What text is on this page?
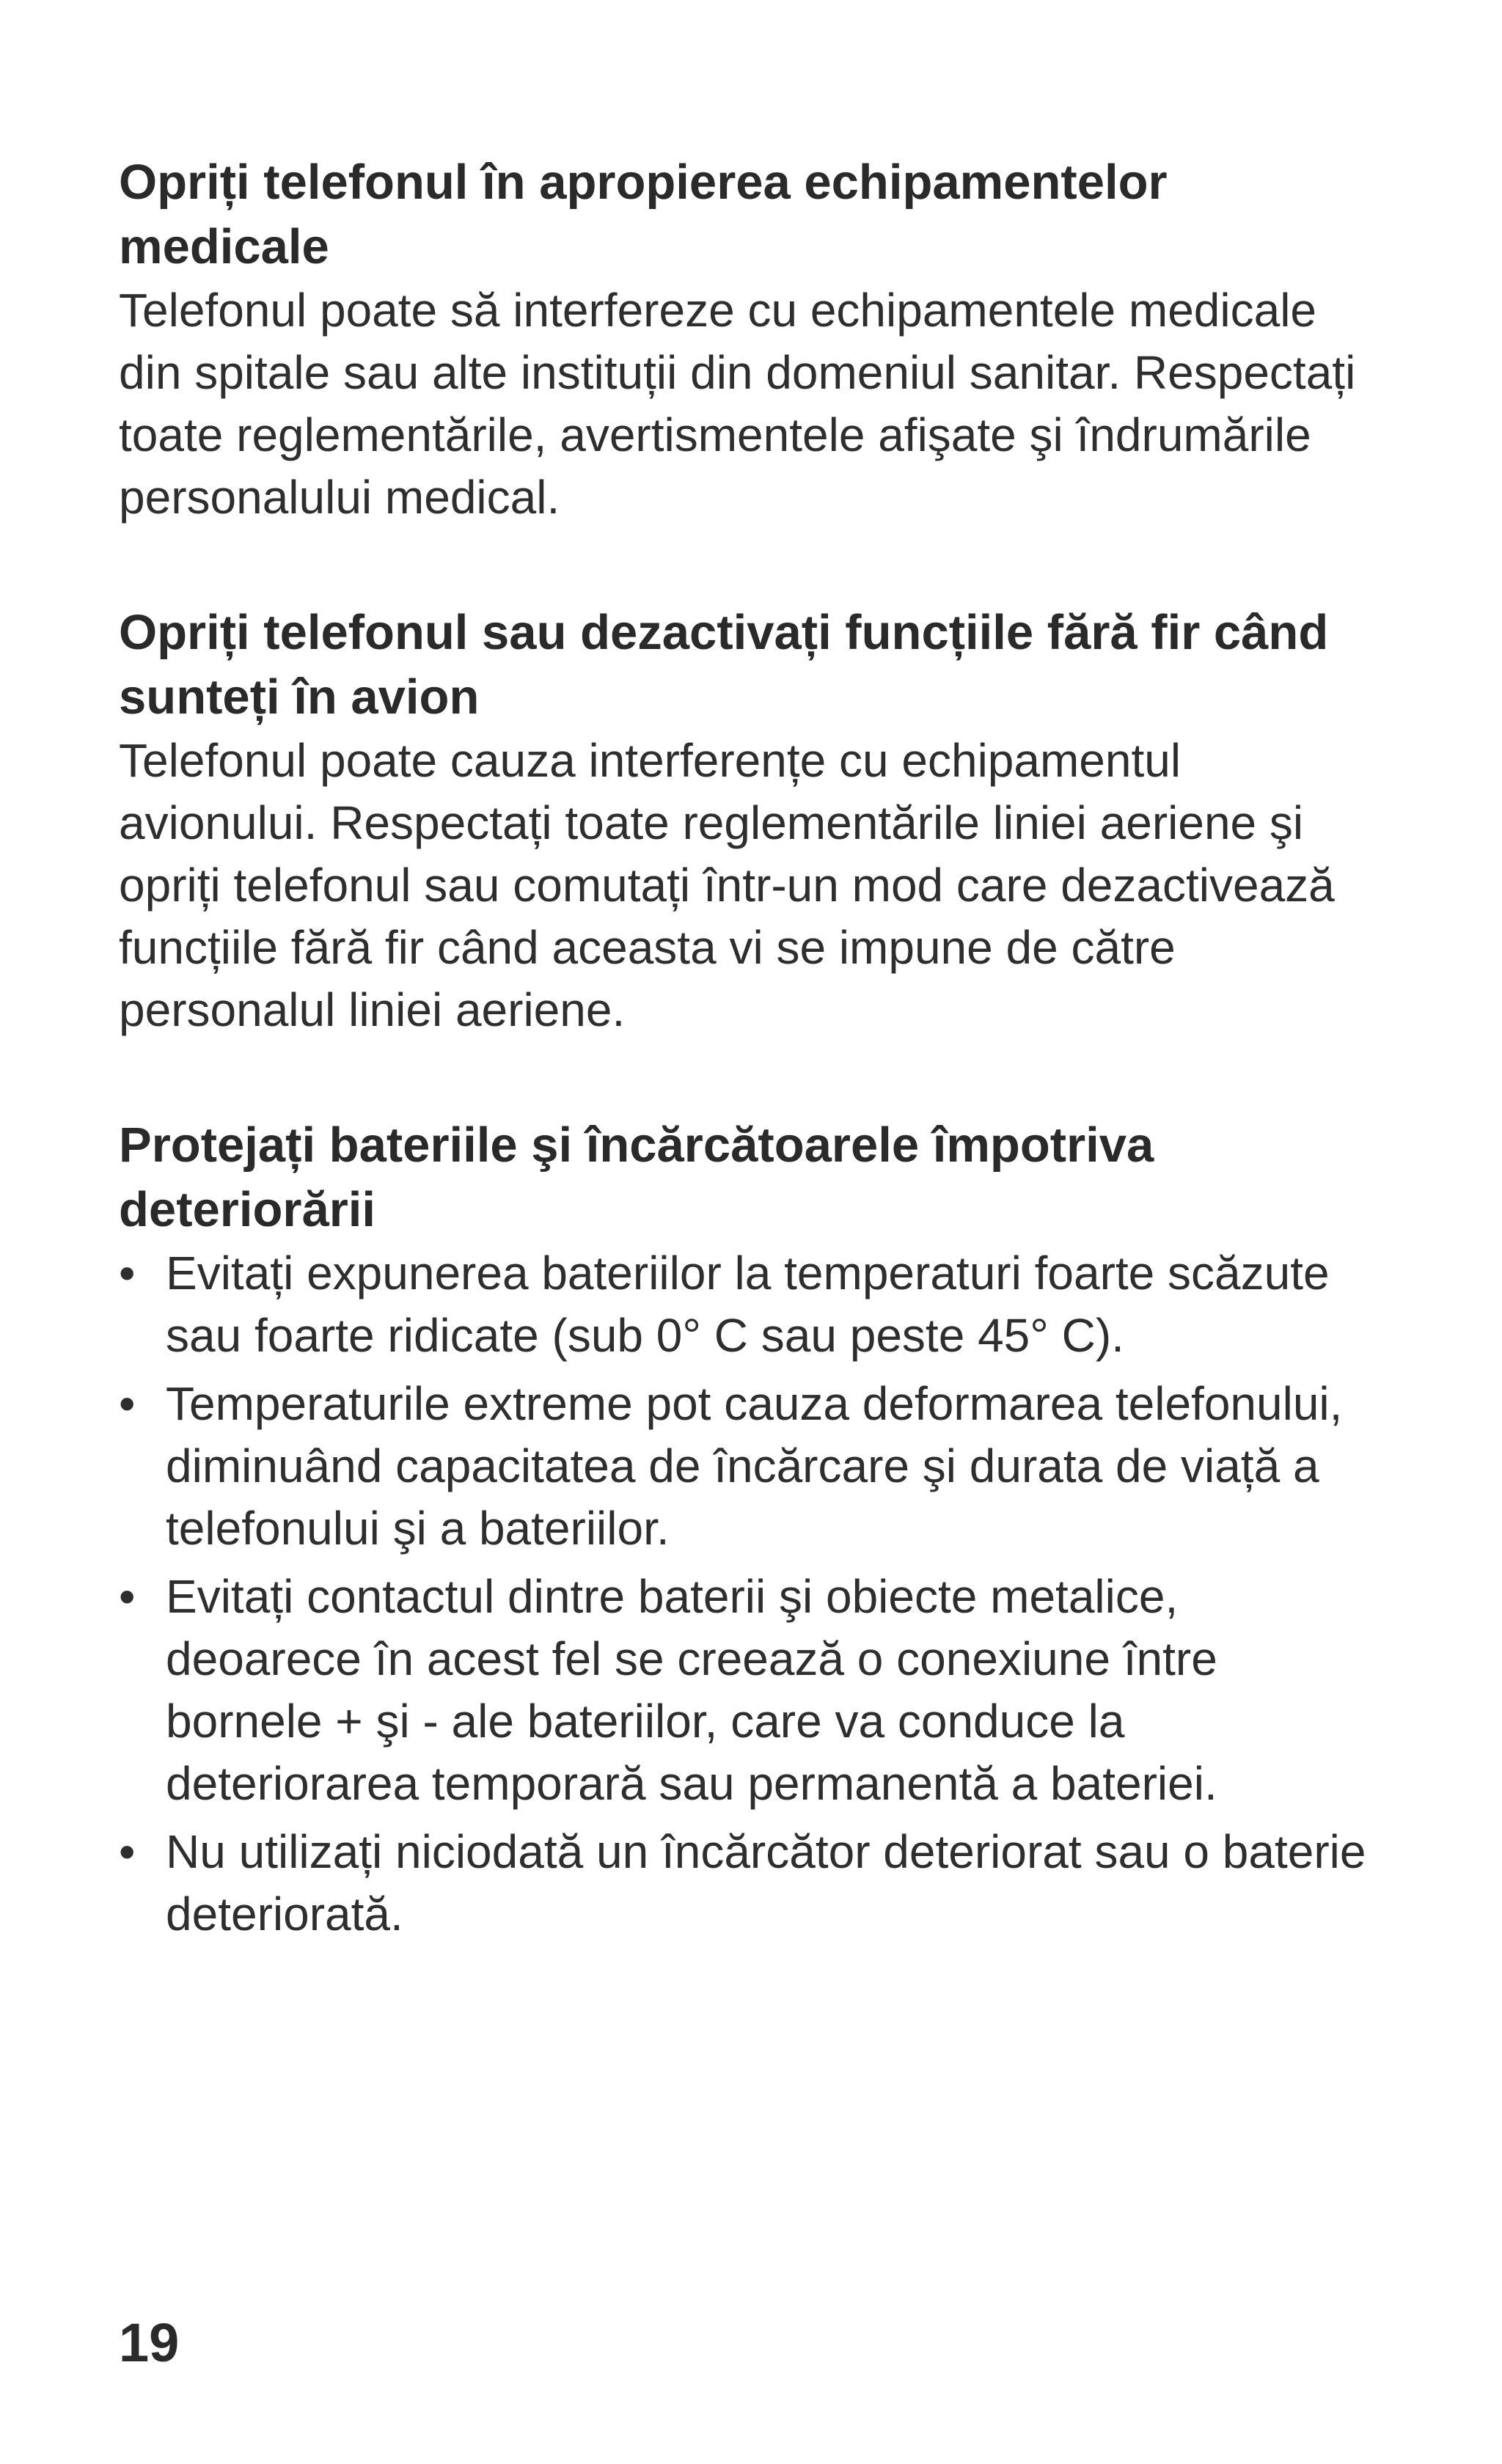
Opriți telefonul în apropierea echipamentelor medicale

Telefonul poate să interfereze cu echipamentele medicale din spitale sau alte instituții din domeniul sanitar. Respectați toate reglementările, avertismentele afişate şi îndrumările personalului medical.

Opriți telefonul sau dezactivați funcțiile fără fir când sunteți în avion

Telefonul poate cauza interferențe cu echipamentul avionului. Respectați toate reglementările liniei aeriene şi opriți telefonul sau comutați într-un mod care dezactivează funcțiile fără fir când aceasta vi se impune de către personalul liniei aeriene.

Protejați bateriile şi încărcătoarele împotriva deteriorării
• Evitați expunerea bateriilor la temperaturi foarte scăzute sau foarte ridicate (sub 0° C sau peste 45° C).
• Temperaturile extreme pot cauza deformarea telefonului, diminuând capacitatea de încărcare şi durata de viață a telefonului şi a bateriilor.
• Evitați contactul dintre baterii şi obiecte metalice, deoarece în acest fel se creează o conexiune între bornele + şi - ale bateriilor, care va conduce la deteriorarea temporară sau permanentă a bateriei.
• Nu utilizați niciodată un încărcător deteriorat sau o baterie deteriorată.
19
